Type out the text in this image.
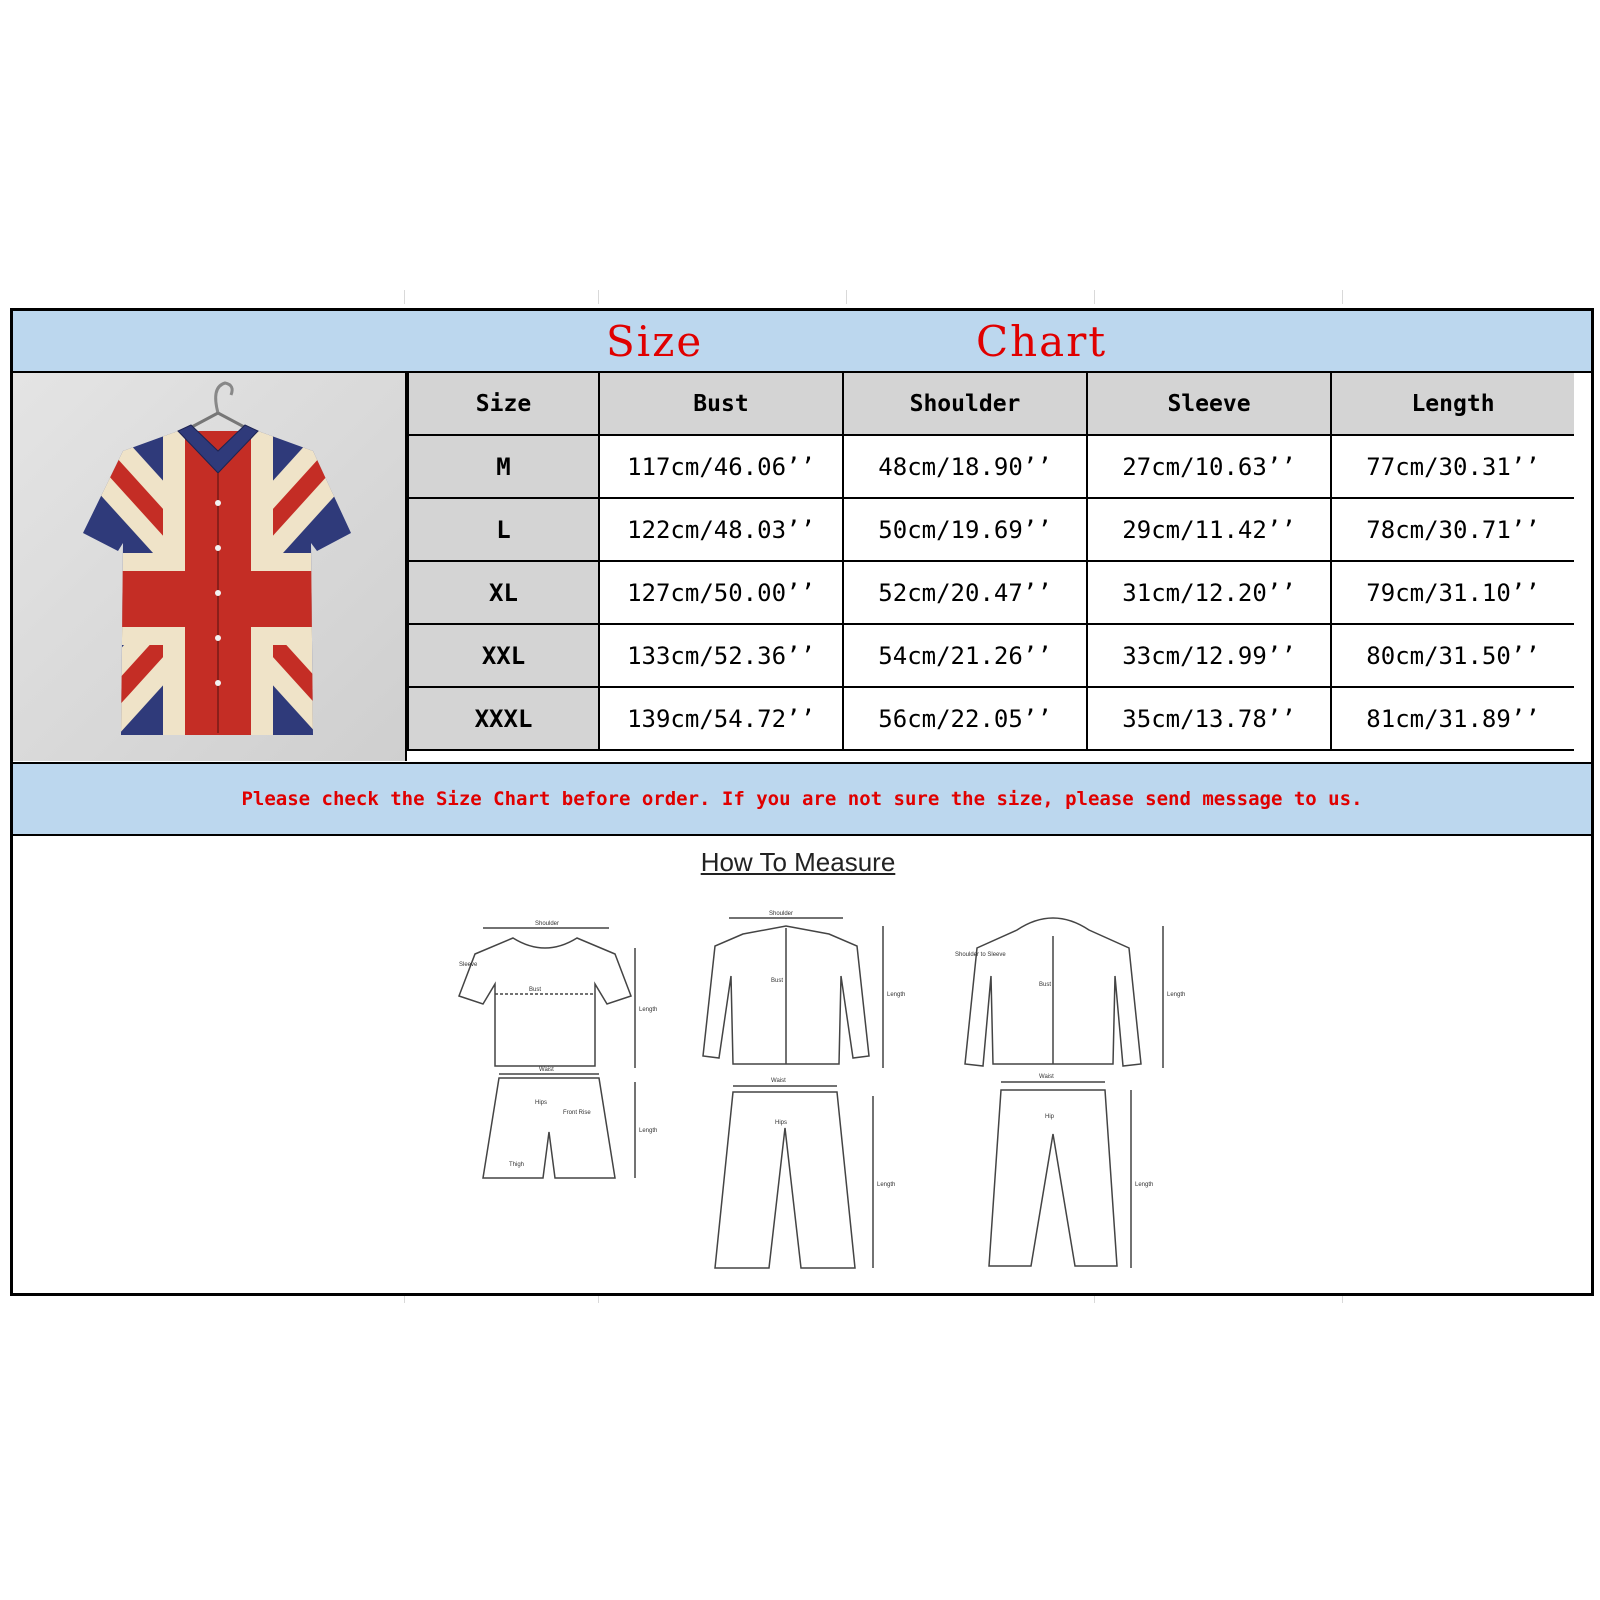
Size	Chart
Size	Bust	Shoulder	Sleeve	Length
M	117cm/46.06’’	48cm/18.90’’	27cm/10.63’’	77cm/30.31’’
L	122cm/48.03’’	50cm/19.69’’	29cm/11.42’’	78cm/30.71’’
XL	127cm/50.00’’	52cm/20.47’’	31cm/12.20’’	79cm/31.10’’
XXL	133cm/52.36’’	54cm/21.26’’	33cm/12.99’’	80cm/31.50’’
XXXL	139cm/54.72’’	56cm/22.05’’	35cm/13.78’’	81cm/31.89’’
Please check the Size Chart before order. If you are not sure the size, please send message to us.
How To Measure
Shoulder
Bust
Length
Sleeve
Waist
Hips
Front Rise
Thigh
Length
Shoulder
Bust
Length
Waist
Hips
Length
Bust
Shoulder to Sleeve
Length
Waist
Hip
Length
